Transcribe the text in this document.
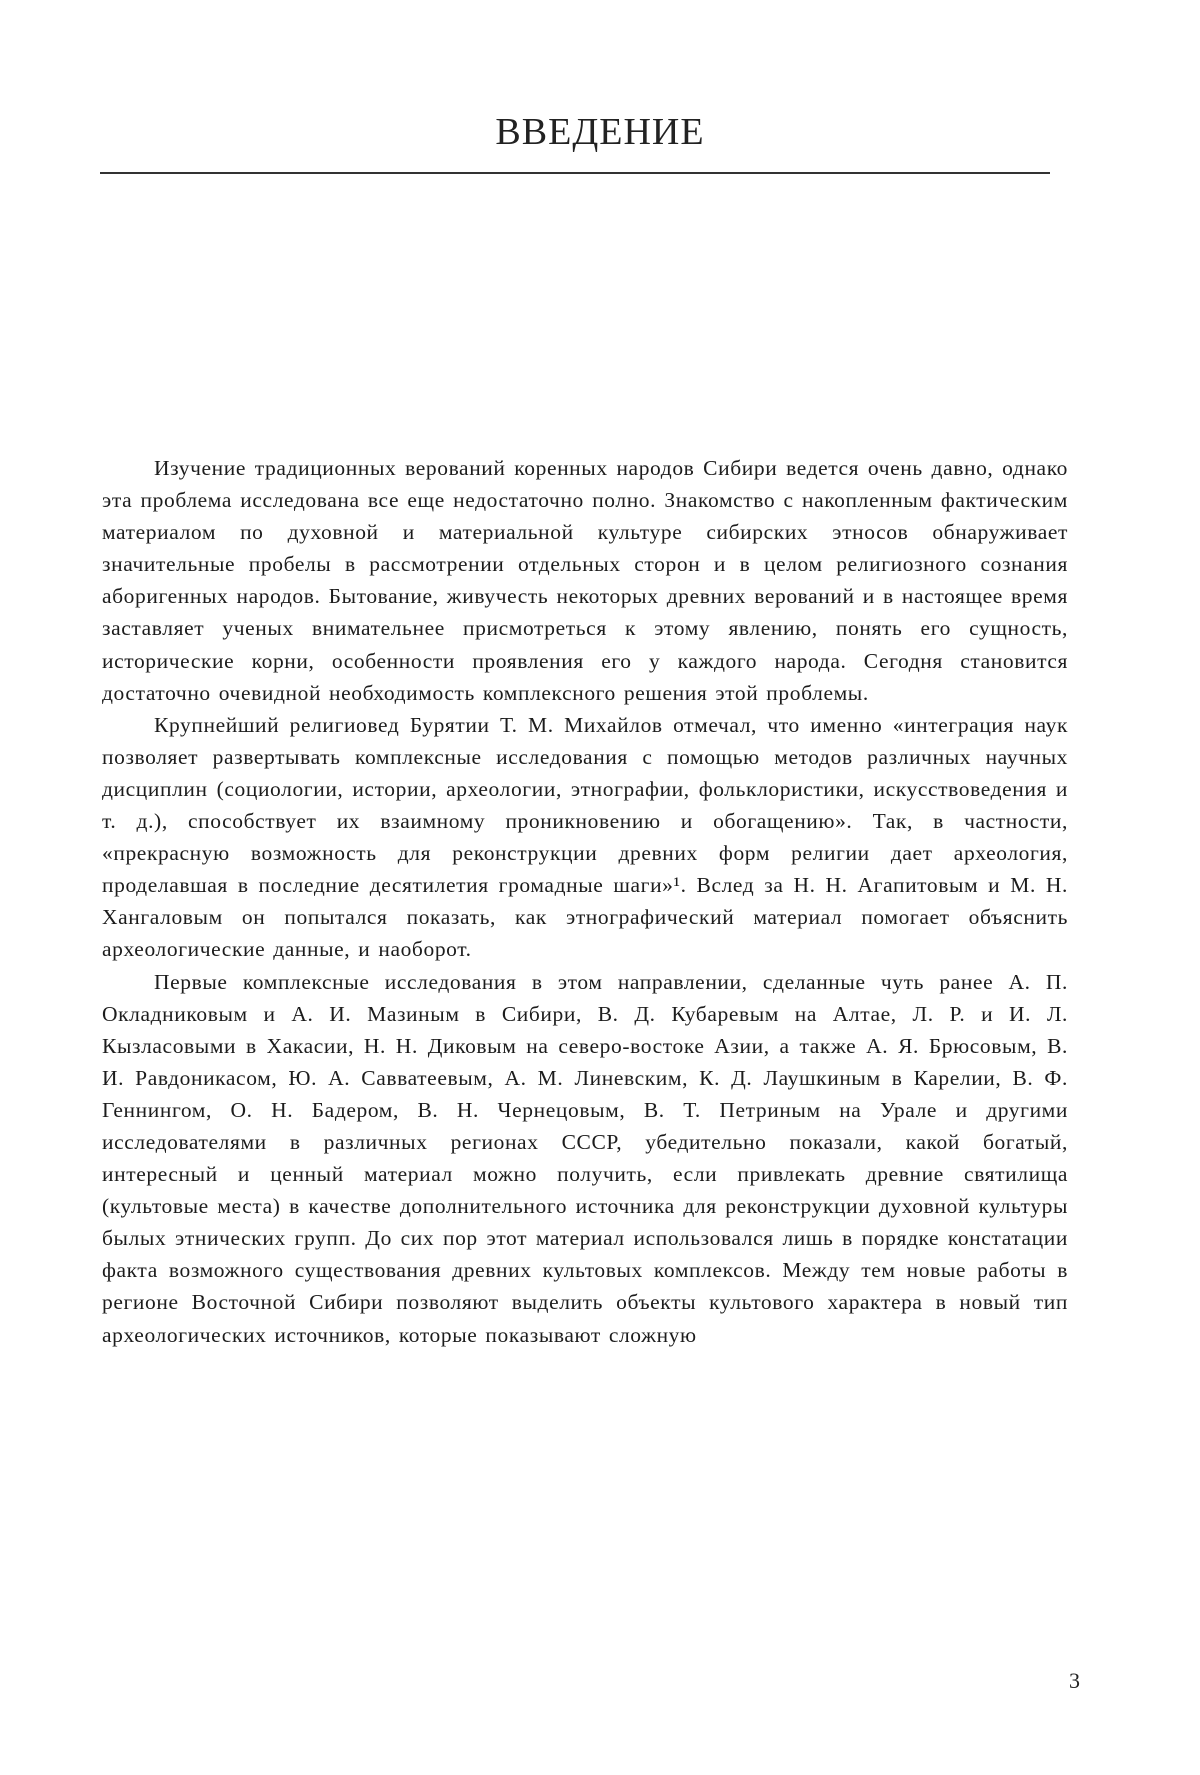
ВВЕДЕНИЕ

Изучение традиционных верований коренных народов Сибири ведется очень давно, однако эта проблема исследована все еще недостаточно полно. Знакомство с накопленным фактическим материалом по духовной и материальной культуре сибирских этносов обнаруживает значительные пробелы в рассмотрении отдельных сторон и в целом религиозного сознания аборигенных народов. Бытование, живучесть некоторых древних верований и в настоящее время заставляет ученых внимательнее присмотреться к этому явлению, понять его сущность, исторические корни, особенности проявления его у каждого народа. Сегодня становится достаточно очевидной необходимость комплексного решения этой проблемы.

Крупнейший религиовед Бурятии Т. М. Михайлов отмечал, что именно «интеграция наук позволяет развертывать комплексные исследования с помощью методов различных научных дисциплин (социологии, истории, археологии, этнографии, фольклористики, искусствоведения и т. д.), способствует их взаимному проникновению и обогащению». Так, в частности, «прекрасную возможность для реконструкции древних форм религии дает археология, проделавшая в последние десятилетия громадные шаги»¹. Вслед за Н. Н. Агапитовым и М. Н. Хангаловым он попытался показать, как этнографический материал помогает объяснить археологические данные, и наоборот.

Первые комплексные исследования в этом направлении, сделанные чуть ранее А. П. Окладниковым и А. И. Мазиным в Сибири, В. Д. Кубаревым на Алтае, Л. Р. и И. Л. Кызласовыми в Хакасии, Н. Н. Диковым на северо-востоке Азии, а также А. Я. Брюсовым, В. И. Равдоникасом, Ю. А. Савватеевым, А. М. Линевским, К. Д. Лаушкиным в Карелии, В. Ф. Геннингом, О. Н. Бадером, В. Н. Чернецовым, В. Т. Петриным на Урале и другими исследователями в различных регионах СССР, убедительно показали, какой богатый, интересный и ценный материал можно получить, если привлекать древние святилища (культовые места) в качестве дополнительного источника для реконструкции духовной культуры былых этнических групп. До сих пор этот материал использовался лишь в порядке констатации факта возможного существования древних культовых комплексов. Между тем новые работы в регионе Восточной Сибири позволяют выделить объекты культового характера в новый тип археологических источников, которые показывают сложную

3
